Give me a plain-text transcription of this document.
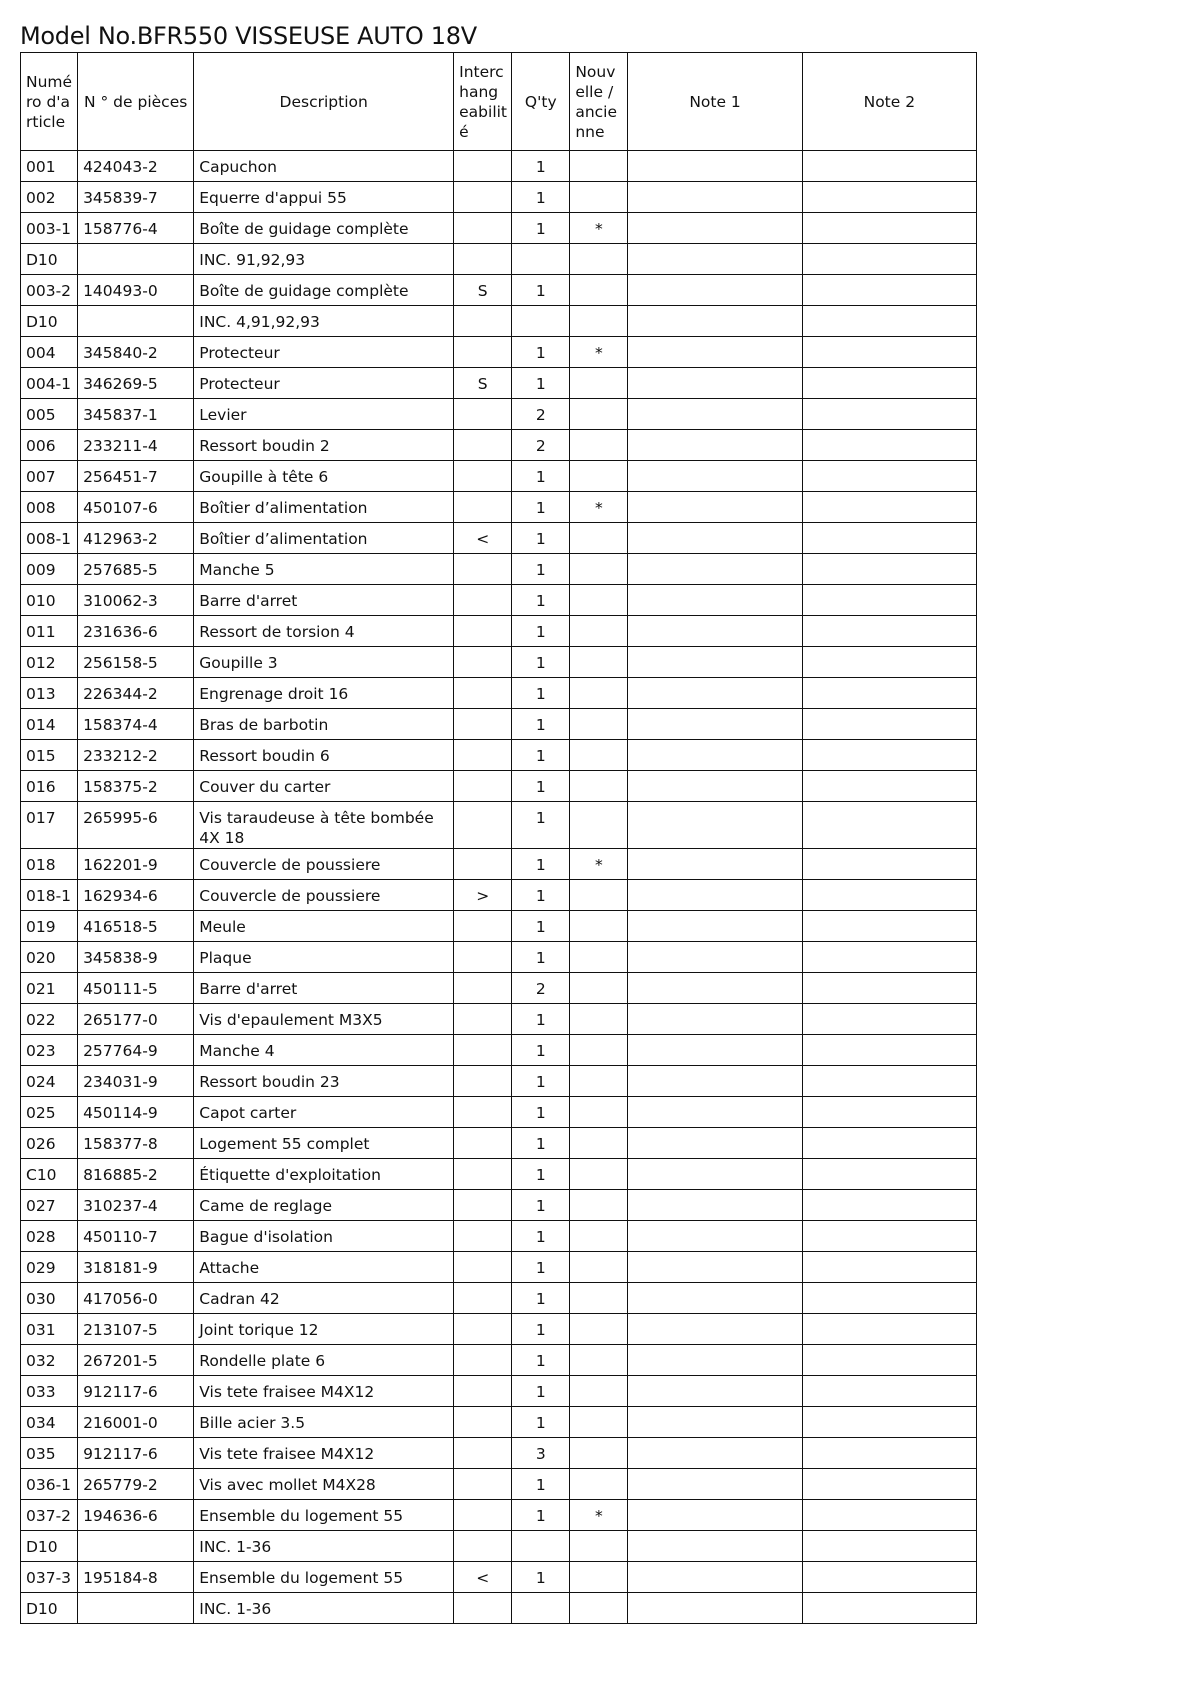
Model No.BFR550 VISSEUSE AUTO 18V
Numé ro d'a rticle	N ° de pièces	Description	Interc hang eabilit é	Q'ty	Nouv elle / ancie nne	Note 1	Note 2
001	424043-2	Capuchon		1			
002	345839-7	Equerre d'appui 55		1			
003-1	158776-4	Boîte de guidage complète		1	*		
D10		INC. 91,92,93					
003-2	140493-0	Boîte de guidage complète	S	1			
D10		INC. 4,91,92,93					
004	345840-2	Protecteur		1	*		
004-1	346269-5	Protecteur	S	1			
005	345837-1	Levier		2			
006	233211-4	Ressort boudin 2		2			
007	256451-7	Goupille à tête 6		1			
008	450107-6	Boîtier d’alimentation		1	*		
008-1	412963-2	Boîtier d’alimentation	<	1			
009	257685-5	Manche 5		1			
010	310062-3	Barre d'arret		1			
011	231636-6	Ressort de torsion 4		1			
012	256158-5	Goupille 3		1			
013	226344-2	Engrenage droit 16		1			
014	158374-4	Bras de barbotin		1			
015	233212-2	Ressort boudin 6		1			
016	158375-2	Couver du carter		1			
017	265995-6	Vis taraudeuse à tête bombée 4X 18		1			
018	162201-9	Couvercle de poussiere		1	*		
018-1	162934-6	Couvercle de poussiere	>	1			
019	416518-5	Meule		1			
020	345838-9	Plaque		1			
021	450111-5	Barre d'arret		2			
022	265177-0	Vis d'epaulement M3X5		1			
023	257764-9	Manche 4		1			
024	234031-9	Ressort boudin 23		1			
025	450114-9	Capot carter		1			
026	158377-8	Logement 55 complet		1			
C10	816885-2	Étiquette d'exploitation		1			
027	310237-4	Came de reglage		1			
028	450110-7	Bague d'isolation		1			
029	318181-9	Attache		1			
030	417056-0	Cadran 42		1			
031	213107-5	Joint torique 12		1			
032	267201-5	Rondelle plate 6		1			
033	912117-6	Vis tete fraisee M4X12		1			
034	216001-0	Bille acier 3.5		1			
035	912117-6	Vis tete fraisee M4X12		3			
036-1	265779-2	Vis avec mollet M4X28		1			
037-2	194636-6	Ensemble du logement 55		1	*		
D10		INC. 1-36					
037-3	195184-8	Ensemble du logement 55	<	1			
D10		INC. 1-36					
